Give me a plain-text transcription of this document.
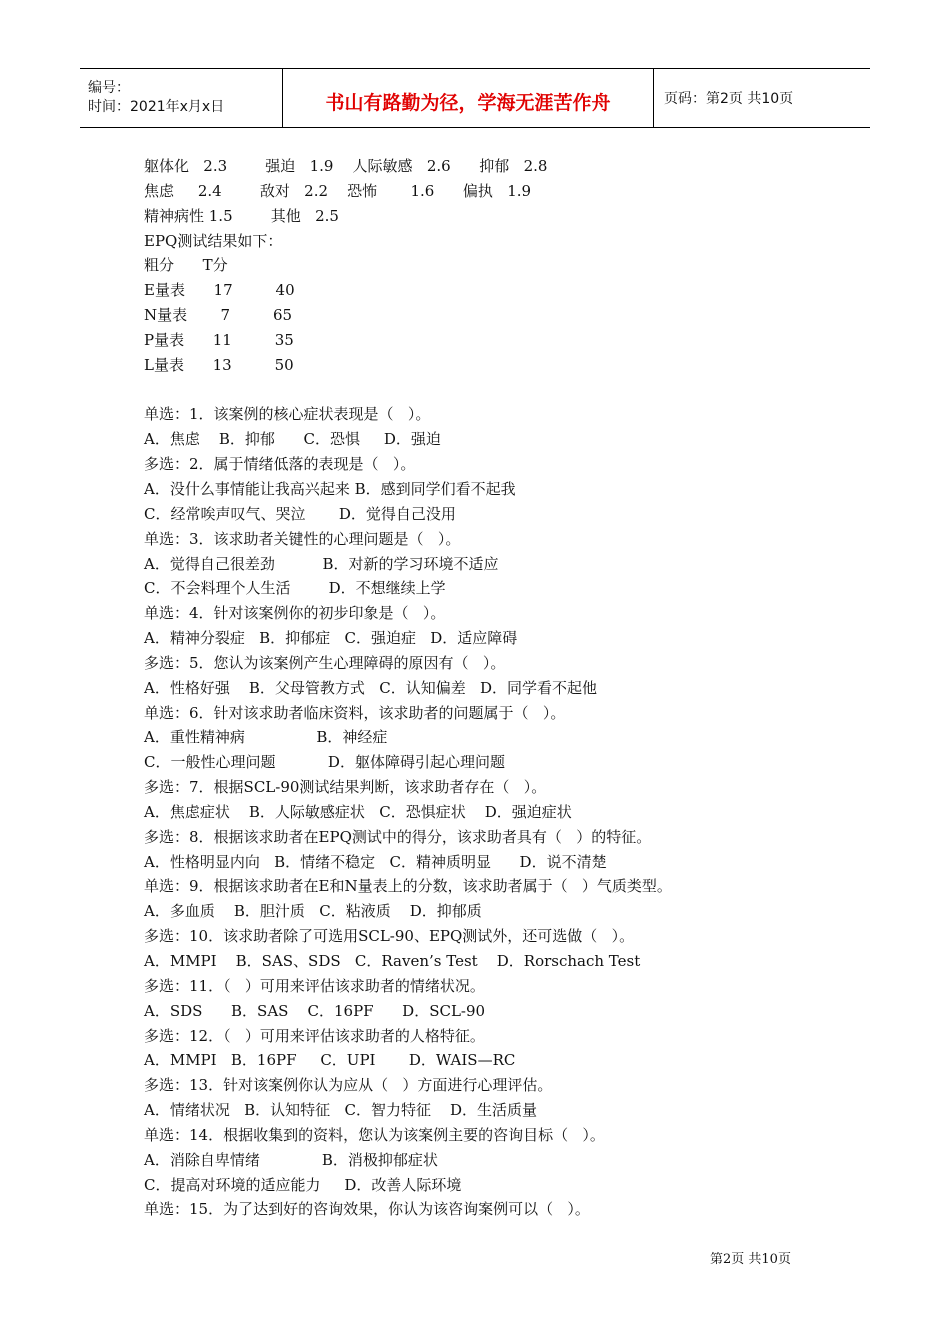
编号：
时间：2021年x月x日	书山有路勤为径，学海无涯苦作舟	页码：第2页 共10页
躯体化   2.3        强迫   1.9    人际敏感   2.6      抑郁   2.8
焦虑     2.4        敌对   2.2    恐怖       1.6      偏执   1.9
精神病性 1.5        其他   2.5
EPQ测试结果如下：
粗分      T分
E量表      17         40
N量表       7         65
P量表      11         35
L量表      13         50
单选：1．该案例的核心症状表现是（   ）。
A．焦虑    B．抑郁      C．恐惧     D．强迫
多选：2．属于情绪低落的表现是（   ）。
A．没什么事情能让我高兴起来 B．感到同学们看不起我
C．经常唉声叹气、哭泣       D．觉得自己没用
单选：3．该求助者关键性的心理问题是（   ）。
A．觉得自己很差劲          B．对新的学习环境不适应
C．不会料理个人生活        D．不想继续上学
单选：4．针对该案例你的初步印象是（   ）。
A．精神分裂症   B．抑郁症   C．强迫症   D．适应障碍
多选：5．您认为该案例产生心理障碍的原因有（   ）。
A．性格好强    B．父母管教方式   C．认知偏差   D．同学看不起他
单选：6．针对该求助者临床资料，该求助者的问题属于（   ）。
A．重性精神病               B．神经症
C．一般性心理问题           D．躯体障碍引起心理问题
多选：7．根据SCL-90测试结果判断，该求助者存在（   ）。
A．焦虑症状    B．人际敏感症状   C．恐惧症状    D．强迫症状
多选：8．根据该求助者在EPQ测试中的得分，该求助者具有（   ）的特征。
A．性格明显内向   B．情绪不稳定   C．精神质明显      D．说不清楚
单选：9．根据该求助者在E和N量表上的分数，该求助者属于（   ）气质类型。
A．多血质    B．胆汁质   C．粘液质    D．抑郁质
多选：10．该求助者除了可选用SCL-90、EPQ测试外，还可选做（   ）。
A．MMPI    B．SAS、SDS   C．Raven’s Test    D．Rorschach Test
多选：11．（   ）可用来评估该求助者的情绪状况。
A．SDS      B．SAS    C．16PF      D．SCL-90
多选：12．（   ）可用来评估该求助者的人格特征。
A．MMPI   B．16PF     C．UPI       D．WAIS—RC
多选：13．针对该案例你认为应从（   ）方面进行心理评估。
A．情绪状况   B．认知特征   C．智力特征    D．生活质量
单选：14．根据收集到的资料，您认为该案例主要的咨询目标（   ）。
A．消除自卑情绪             B．消极抑郁症状
C．提高对环境的适应能力     D．改善人际环境
单选：15．为了达到好的咨询效果，你认为该咨询案例可以（   ）。
第2页 共10页
